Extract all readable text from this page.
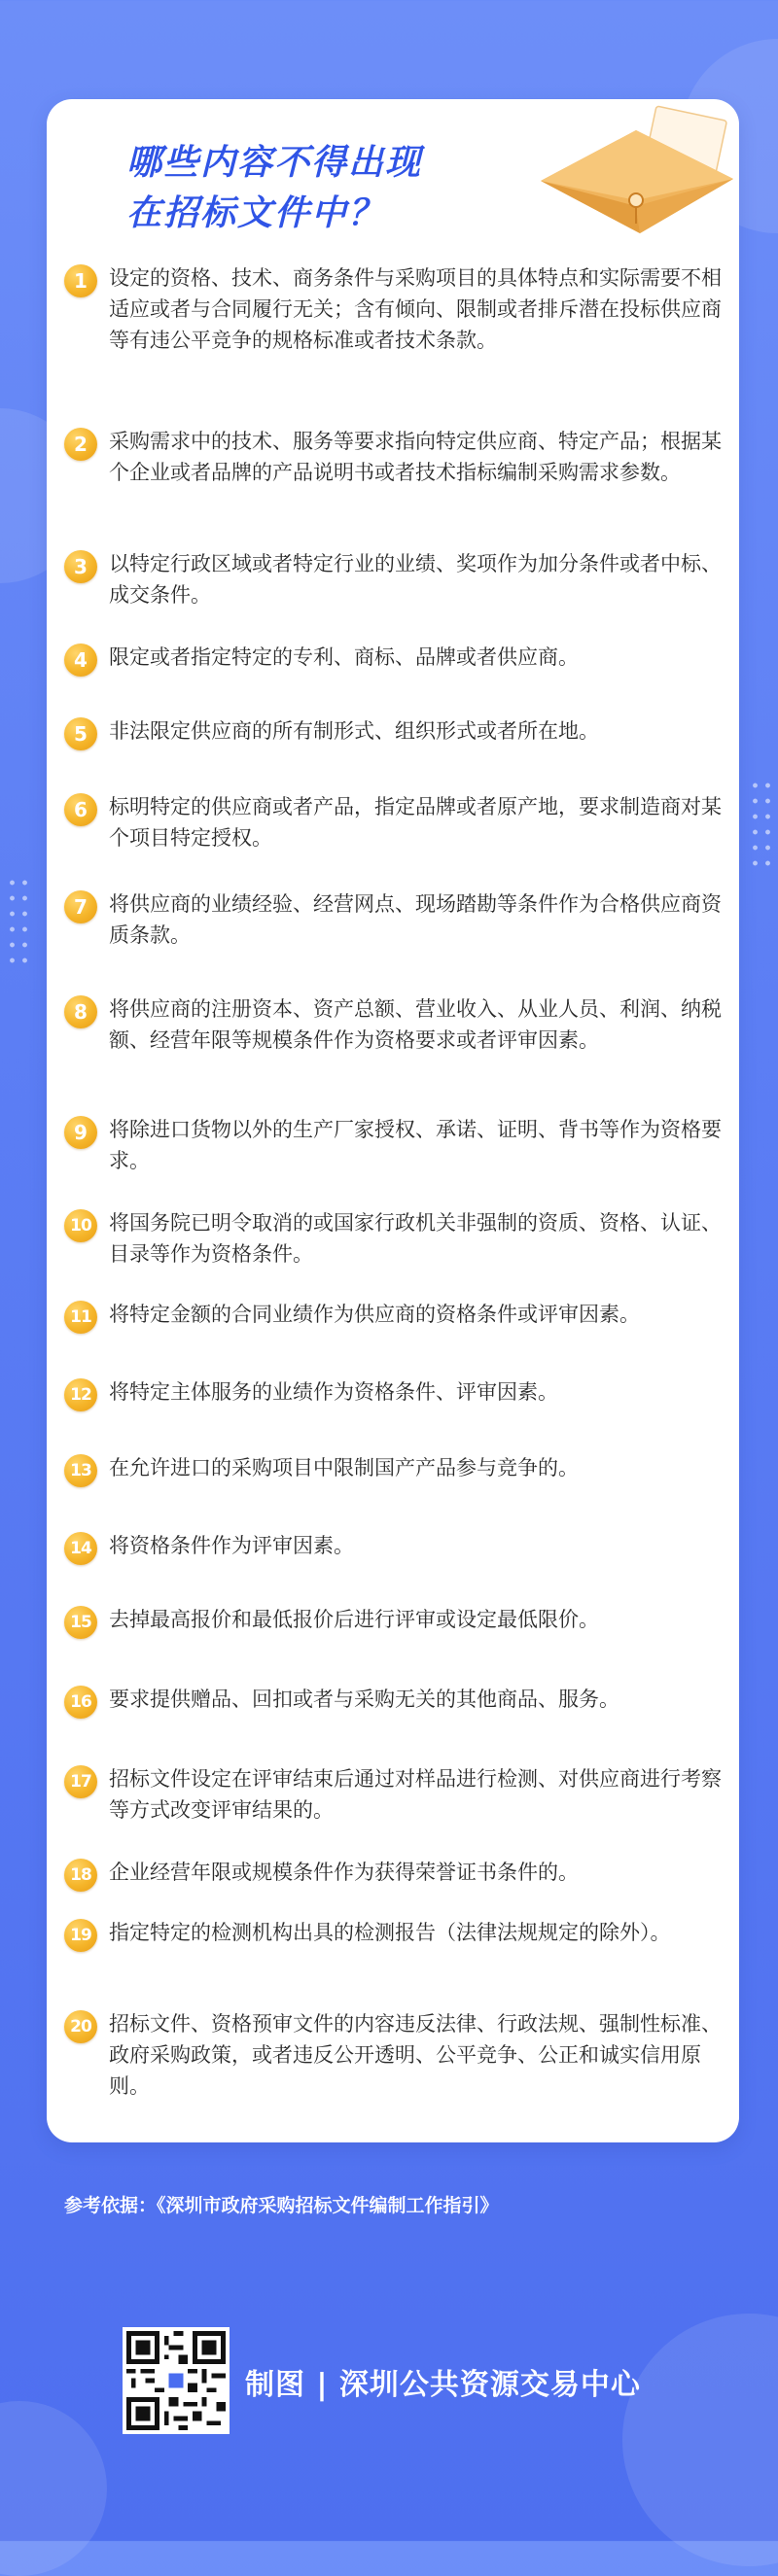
哪些内容不得出现
在招标文件中？
1	设定的资格、技术、商务条件与采购项目的具体特点和实际需要不相适应或者与合同履行无关；含有倾向、限制或者排斥潜在投标供应商等有违公平竞争的规格标准或者技术条款。

2	采购需求中的技术、服务等要求指向特定供应商、特定产品；根据某个企业或者品牌的产品说明书或者技术指标编制采购需求参数。

3	以特定行政区域或者特定行业的业绩、奖项作为加分条件或者中标、成交条件。

4	限定或者指定特定的专利、商标、品牌或者供应商。

5	非法限定供应商的所有制形式、组织形式或者所在地。

6	标明特定的供应商或者产品，指定品牌或者原产地，要求制造商对某个项目特定授权。

7	将供应商的业绩经验、经营网点、现场踏勘等条件作为合格供应商资质条款。

8	将供应商的注册资本、资产总额、营业收入、从业人员、利润、纳税额、经营年限等规模条件作为资格要求或者评审因素。

9	将除进口货物以外的生产厂家授权、承诺、证明、背书等作为资格要求。

10 将国务院已明令取消的或国家行政机关非强制的资质、资格、认证、目录等作为资格条件。

11 将特定金额的合同业绩作为供应商的资格条件或评审因素。

12 将特定主体服务的业绩作为资格条件、评审因素。

13 在允许进口的采购项目中限制国产产品参与竞争的。

14 将资格条件作为评审因素。

15 去掉最高报价和最低报价后进行评审或设定最低限价。

16 要求提供赠品、回扣或者与采购无关的其他商品、服务。

17 招标文件设定在评审结束后通过对样品进行检测、对供应商进行考察等方式改变评审结果的。

18 企业经营年限或规模条件作为获得荣誉证书条件的。

19 指定特定的检测机构出具的检测报告（法律法规规定的除外）。

20 招标文件、资格预审文件的内容违反法律、行政法规、强制性标准、政府采购政策，或者违反公开透明、公平竞争、公正和诚实信用原则。

参考依据：《深圳市政府采购招标文件编制工作指引》

制图 | 深圳公共资源交易中心
